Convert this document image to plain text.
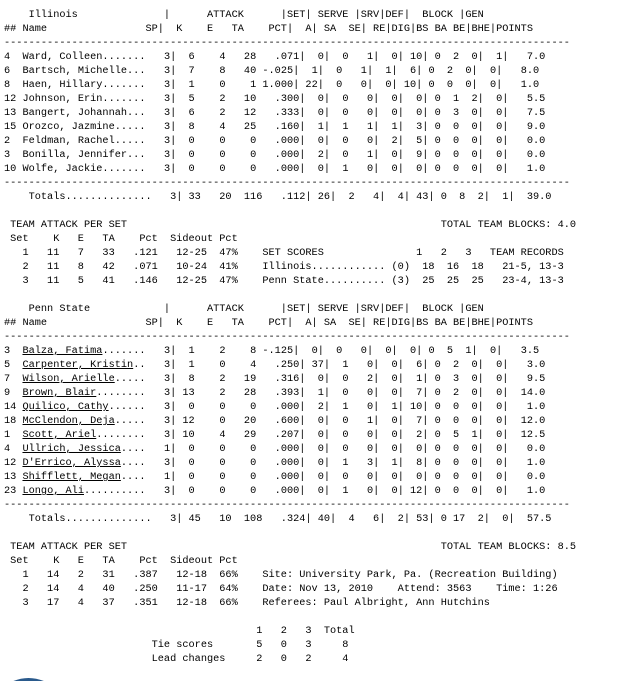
Illinois              |      ATTACK      |SET| SERVE |SRV|DEF|  BLOCK |GEN
## Name                SP|  K    E   TA    PCT|  A| SA  SE| RE|DIG|BS BA BE|BHE|POINTS
--------------------------------------------------------------------------------------------
4  Ward, Colleen.......   3|  6    4   28   .071|  0|  0   1|  0| 10| 0  2  0|  1|   7.0
6  Bartsch, Michelle...   3|  7    8   40 -.025|  1|  0   1|  1|  6| 0  2  0|  0|   8.0
8  Haen, Hillary.......   3|  1    0    1 1.000| 22|  0   0|  0| 10| 0  0  0|  0|   1.0
12 Johnson, Erin.......   3|  5    2   10   .300|  0|  0   0|  0|  0| 0  1  2|  0|   5.5
13 Bangert, Johannah...   3|  6    2   12   .333|  0|  0   0|  0|  0| 0  3  0|  0|   7.5
15 Orozco, Jazmine.....   3|  8    4   25   .160|  1|  1   1|  1|  3| 0  0  0|  0|   9.0
2  Feldman, Rachel.....   3|  0    0    0   .000|  0|  0   0|  2|  5| 0  0  0|  0|   0.0
3  Bonilla, Jennifer...   3|  0    0    0   .000|  2|  0   1|  0|  9| 0  0  0|  0|   0.0
10 Wolfe, Jackie.......   3|  0    0    0   .000|  0|  1   0|  0|  0| 0  0  0|  0|   1.0
--------------------------------------------------------------------------------------------
Totals..............   3| 33   20  116   .112| 26|  2   4|  4| 43| 0  8  2|  1|  39.0
TEAM ATTACK PER SET                                                   TOTAL TEAM BLOCKS: 4.0
Set    K   E   TA    Pct  Sideout Pct
1   11   7   33   .121   12-25  47%    SET SCORES               1   2   3   TEAM RECORDS
2   11   8   42   .071   10-24  41%    Illinois............ (0)  18  16  18   21-5, 13-3
3   11   5   41   .146   12-25  47%    Penn State.......... (3)  25  25  25   23-4, 13-3
Penn State            |      ATTACK      |SET| SERVE |SRV|DEF|  BLOCK |GEN
## Name                SP|  K    E   TA    PCT|  A| SA  SE| RE|DIG|BS BA BE|BHE|POINTS
--------------------------------------------------------------------------------------------
3  Balza, Fatima.......   3|  1    2    8 -.125|  0|  0   0|  0|  0| 0  5  1|  0|   3.5
5  Carpenter, Kristin..   3|  1    0    4   .250| 37|  1   0|  0|  6| 0  2  0|  0|   3.0
7  Wilson, Arielle.....   3|  8    2   19   .316|  0|  0   2|  0|  1| 0  3  0|  0|   9.5
9  Brown, Blair........   3| 13    2   28   .393|  1|  0   0|  0|  7| 0  2  0|  0|  14.0
14 Quilico, Cathy......   3|  0    0    0   .000|  2|  1   0|  1| 10| 0  0  0|  0|   1.0
18 McClendon, Deja.....   3| 12    0   20   .600|  0|  0   1|  0|  7| 0  0  0|  0|  12.0
1  Scott, Ariel........   3| 10    4   29   .207|  0|  0   0|  0|  2| 0  5  1|  0|  12.5
4  Ullrich, Jessica....   1|  0    0    0   .000|  0|  0   0|  0|  0| 0  0  0|  0|   0.0
12 D'Errico, Alyssa....   3|  0    0    0   .000|  0|  1   3|  1|  8| 0  0  0|  0|   1.0
13 Shifflett, Megan....   1|  0    0    0   .000|  0|  0   0|  0|  0| 0  0  0|  0|   0.0
23 Longo, Ali..........   3|  0    0    0   .000|  0|  1   0|  0| 12| 0  0  0|  0|   1.0
--------------------------------------------------------------------------------------------
Totals..............   3| 45   10  108   .324| 40|  4   6|  2| 53| 0 17  2|  0|  57.5
TEAM ATTACK PER SET                                                   TOTAL TEAM BLOCKS: 8.5
Set    K   E   TA    Pct  Sideout Pct
1   14   2   31   .387   12-18  66%    Site: University Park, Pa. (Recreation Building)
2   14   4   40   .250   11-17  64%    Date: Nov 13, 2010    Attend: 3563    Time: 1:26
3   17   4   37   .351   12-18  66%    Referees: Paul Albright, Ann Hutchins
1   2   3  Total
Tie scores       5   0   3     8
Lead changes     2   0   2     4
